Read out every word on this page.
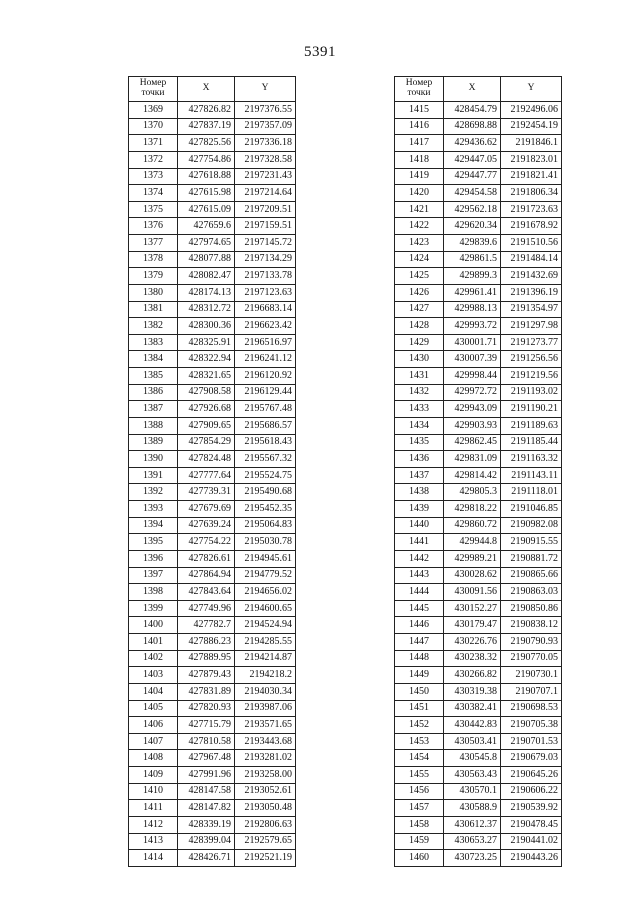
5391
Номер
точки	X	Y
1369	427826.82	2197376.55
1370	427837.19	2197357.09
1371	427825.56	2197336.18
1372	427754.86	2197328.58
1373	427618.88	2197231.43
1374	427615.98	2197214.64
1375	427615.09	2197209.51
1376	427659.6	2197159.51
1377	427974.65	2197145.72
1378	428077.88	2197134.29
1379	428082.47	2197133.78
1380	428174.13	2197123.63
1381	428312.72	2196683.14
1382	428300.36	2196623.42
1383	428325.91	2196516.97
1384	428322.94	2196241.12
1385	428321.65	2196120.92
1386	427908.58	2196129.44
1387	427926.68	2195767.48
1388	427909.65	2195686.57
1389	427854.29	2195618.43
1390	427824.48	2195567.32
1391	427777.64	2195524.75
1392	427739.31	2195490.68
1393	427679.69	2195452.35
1394	427639.24	2195064.83
1395	427754.22	2195030.78
1396	427826.61	2194945.61
1397	427864.94	2194779.52
1398	427843.64	2194656.02
1399	427749.96	2194600.65
1400	427782.7	2194524.94
1401	427886.23	2194285.55
1402	427889.95	2194214.87
1403	427879.43	2194218.2
1404	427831.89	2194030.34
1405	427820.93	2193987.06
1406	427715.79	2193571.65
1407	427810.58	2193443.68
1408	427967.48	2193281.02
1409	427991.96	2193258.00
1410	428147.58	2193052.61
1411	428147.82	2193050.48
1412	428339.19	2192806.63
1413	428399.04	2192579.65
1414	428426.71	2192521.19
Номер
точки	X	Y
1415	428454.79	2192496.06
1416	428698.88	2192454.19
1417	429436.62	2191846.1
1418	429447.05	2191823.01
1419	429447.77	2191821.41
1420	429454.58	2191806.34
1421	429562.18	2191723.63
1422	429620.34	2191678.92
1423	429839.6	2191510.56
1424	429861.5	2191484.14
1425	429899.3	2191432.69
1426	429961.41	2191396.19
1427	429988.13	2191354.97
1428	429993.72	2191297.98
1429	430001.71	2191273.77
1430	430007.39	2191256.56
1431	429998.44	2191219.56
1432	429972.72	2191193.02
1433	429943.09	2191190.21
1434	429903.93	2191189.63
1435	429862.45	2191185.44
1436	429831.09	2191163.32
1437	429814.42	2191143.11
1438	429805.3	2191118.01
1439	429818.22	2191046.85
1440	429860.72	2190982.08
1441	429944.8	2190915.55
1442	429989.21	2190881.72
1443	430028.62	2190865.66
1444	430091.56	2190863.03
1445	430152.27	2190850.86
1446	430179.47	2190838.12
1447	430226.76	2190790.93
1448	430238.32	2190770.05
1449	430266.82	2190730.1
1450	430319.38	2190707.1
1451	430382.41	2190698.53
1452	430442.83	2190705.38
1453	430503.41	2190701.53
1454	430545.8	2190679.03
1455	430563.43	2190645.26
1456	430570.1	2190606.22
1457	430588.9	2190539.92
1458	430612.37	2190478.45
1459	430653.27	2190441.02
1460	430723.25	2190443.26
